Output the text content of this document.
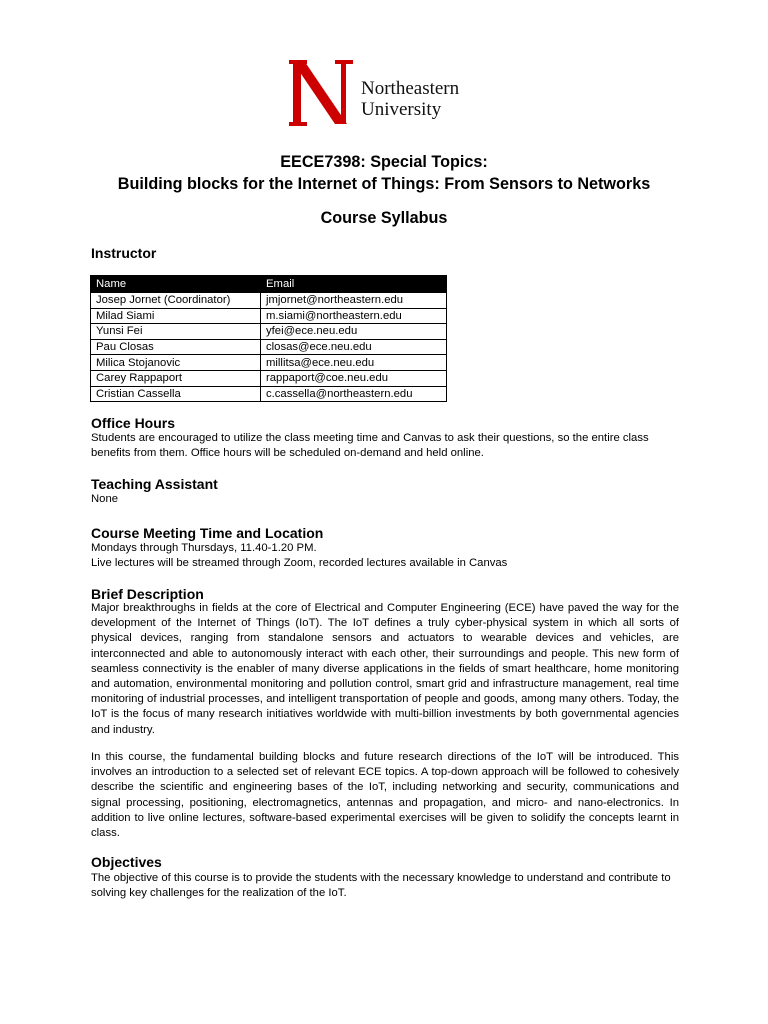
Northeastern
University
EECE7398: Special Topics:
Building blocks for the Internet of Things: From Sensors to Networks
Course Syllabus
Instructor
Name	Email
Josep Jornet (Coordinator)	jmjornet@northeastern.edu
Milad Siami	m.siami@northeastern.edu
Yunsi Fei	yfei@ece.neu.edu
Pau Closas	closas@ece.neu.edu
Milica Stojanovic	millitsa@ece.neu.edu
Carey Rappaport	rappaport@coe.neu.edu
Cristian Cassella	c.cassella@northeastern.edu
Office Hours

Students are encouraged to utilize the class meeting time and Canvas to ask their questions, so the entire class benefits from them. Office hours will be scheduled on-demand and held online.

Teaching Assistant

None

Course Meeting Time and Location

Mondays through Thursdays, 11.40-1.20 PM.

Live lectures will be streamed through Zoom, recorded lectures available in Canvas

Brief Description

Major breakthroughs in fields at the core of Electrical and Computer Engineering (ECE) have paved the way for the development of the Internet of Things (IoT). The IoT defines a truly cyber-physical system in which all sorts of physical devices, ranging from standalone sensors and actuators to wearable devices and vehicles, are interconnected and able to autonomously interact with each other, their surroundings and people. This new form of seamless connectivity is the enabler of many diverse applications in the fields of smart healthcare, home monitoring and automation, environmental monitoring and pollution control, smart grid and infrastructure management, real time monitoring of industrial processes, and intelligent transportation of people and goods, among many others. Today, the IoT is the focus of many research initiatives worldwide with multi-billion investments by both governmental agencies and industry.

In this course, the fundamental building blocks and future research directions of the IoT will be introduced. This involves an introduction to a selected set of relevant ECE topics. A top-down approach will be followed to cohesively describe the scientific and engineering bases of the IoT, including networking and security, communications and signal processing, positioning, electromagnetics, antennas and propagation, and micro- and nano-electronics. In addition to live online lectures, software-based experimental exercises will be given to solidify the concepts learnt in class.

Objectives

The objective of this course is to provide the students with the necessary knowledge to understand and contribute to solving key challenges for the realization of the IoT.
